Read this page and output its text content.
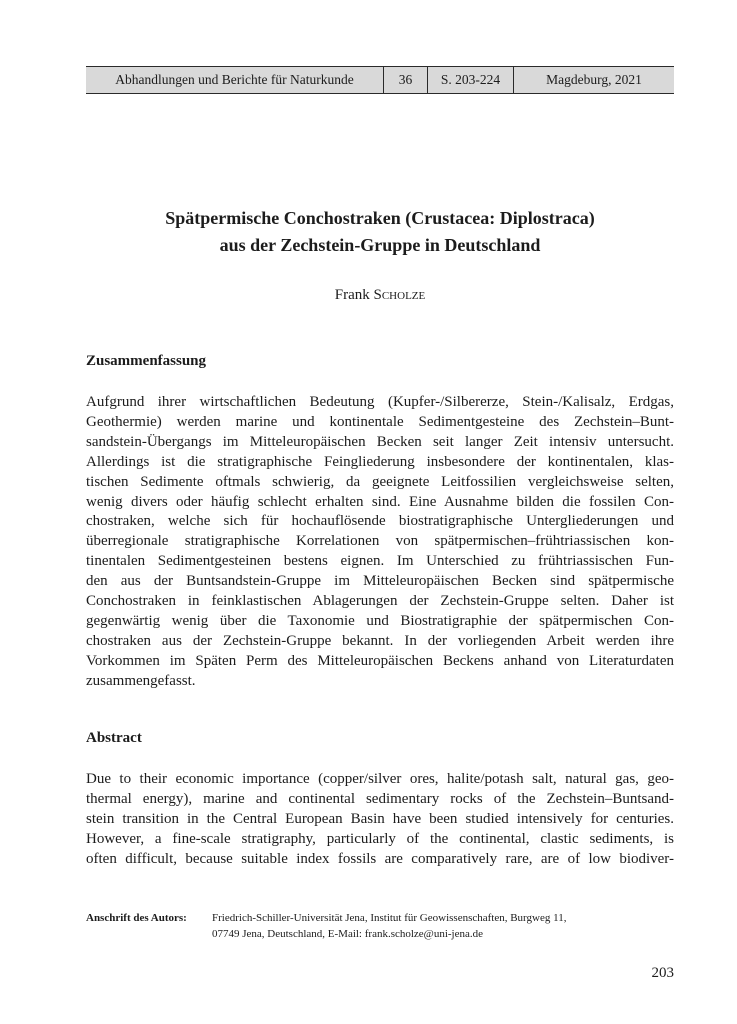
Abhandlungen und Berichte für Naturkunde	36	S. 203-224	Magdeburg, 2021
Spätpermische Conchostraken (Crustacea: Diplostraca)
aus der Zechstein-Gruppe in Deutschland
Frank Scholze
Zusammenfassung
Aufgrund ihrer wirtschaftlichen Bedeutung (Kupfer-/Silbererze, Stein-/Kalisalz, Erdgas,
Geothermie) werden marine und kontinentale Sedimentgesteine des Zechstein–Bunt-
sandstein-Übergangs im Mitteleuropäischen Becken seit langer Zeit intensiv untersucht.
Allerdings ist die stratigraphische Feingliederung insbesondere der kontinentalen, klas-
tischen Sedimente oftmals schwierig, da geeignete Leitfossilien vergleichsweise selten,
wenig divers oder häufig schlecht erhalten sind. Eine Ausnahme bilden die fossilen Con-
chostraken, welche sich für hochauflösende biostratigraphische Untergliederungen und
überregionale stratigraphische Korrelationen von spätpermischen–frühtriassischen kon-
tinentalen Sedimentgesteinen bestens eignen. Im Unterschied zu frühtriassischen Fun-
den aus der Buntsandstein-Gruppe im Mitteleuropäischen Becken sind spätpermische
Conchostraken in feinklastischen Ablagerungen der Zechstein-Gruppe selten. Daher ist
gegenwärtig wenig über die Taxonomie und Biostratigraphie der spätpermischen Con-
chostraken aus der Zechstein-Gruppe bekannt. In der vorliegenden Arbeit werden ihre
Vorkommen im Späten Perm des Mitteleuropäischen Beckens anhand von Literaturdaten
zusammengefasst.
Abstract
Due to their economic importance (copper/silver ores, halite/potash salt, natural gas, geo-
thermal energy), marine and continental sedimentary rocks of the Zechstein–Buntsand-
stein transition in the Central European Basin have been studied intensively for centuries.
However, a fine-scale stratigraphy, particularly of the continental, clastic sediments, is
often difficult, because suitable index fossils are comparatively rare, are of low biodiver-
Anschrift des Autors:	Friedrich-Schiller-Universität Jena, Institut für Geowissenschaften, Burgweg 11,
07749 Jena, Deutschland, E-Mail: frank.scholze@uni-jena.de
203
